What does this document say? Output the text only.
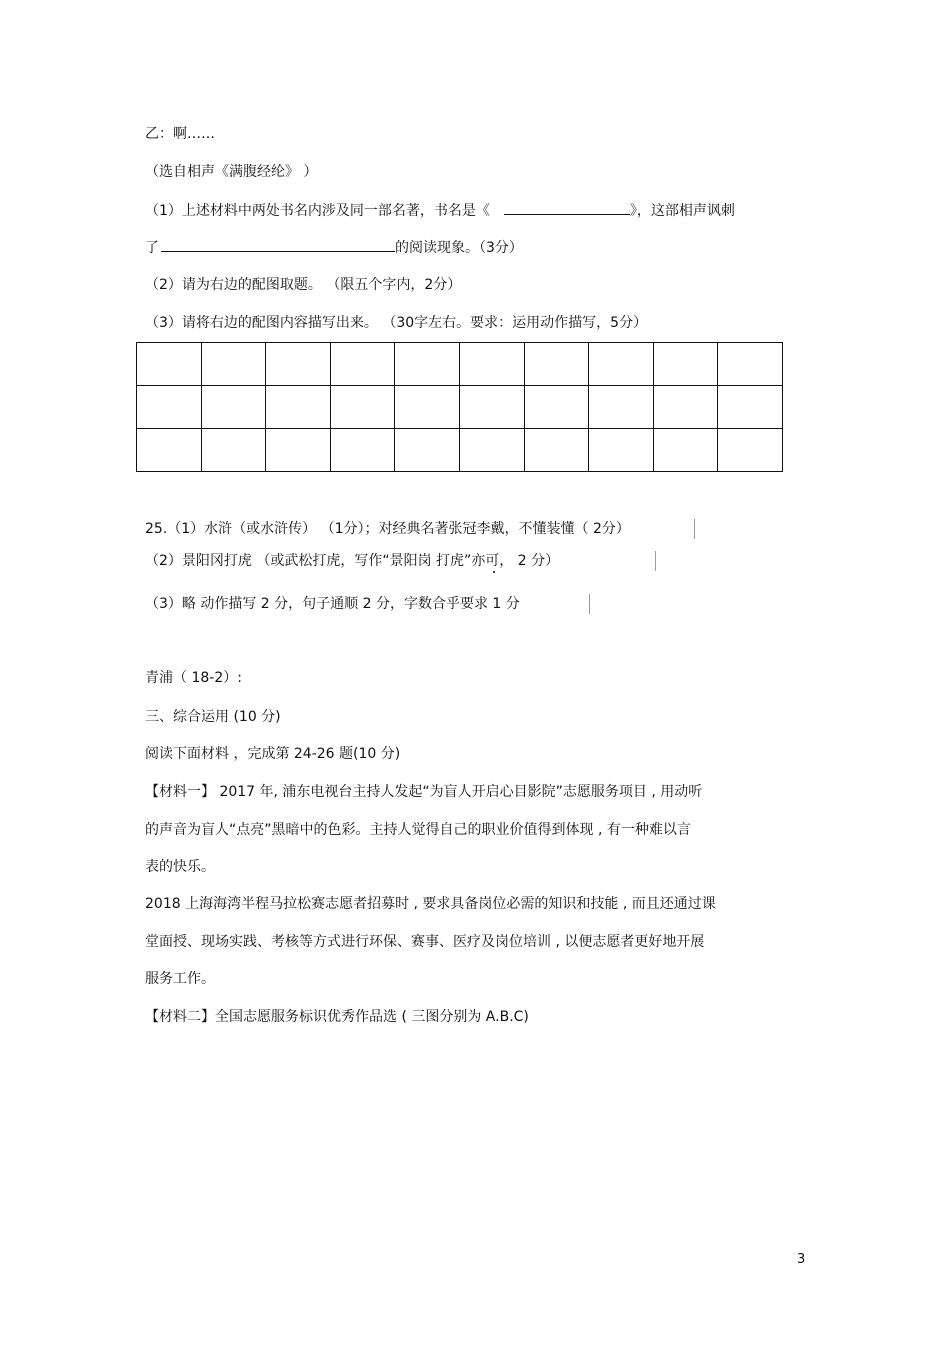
乙：啊……
（选自相声《满腹经纶》 ）
（1）上述材料中两处书名内涉及同一部名著，书名是《	》，这部相声讽刺
了	的阅读现象。（3分）
（2）请为右边的配图取题。 （限五个字内，2分）
（3）请将右边的配图内容描写出来。 （30字左右。要求：运用动作描写，5分）
25.（1）水浒（或水浒传） （1分）；对经典名著张冠李戴，不懂装懂（ 2分）
（2）景阳冈打虎 （或武松打虎，写作“景阳岗 打虎”亦可， 2 分）
（3）略 动作描写 2 分，句子通顺 2 分，字数合乎要求 1 分
青浦（ 18-2）:
三、综合运用 (10 分)
阅读下面材料 ，完成第 24-26 题(10 分)
【材料一】 2017 年, 浦东电视台主持人发起“为盲人开启心目影院”志愿服务项目 , 用动听
的声音为盲人“点亮”黑暗中的色彩。主持人觉得自己的职业价值得到体现 , 有一种难以言
表的快乐。
2018 上海海湾半程马拉松赛志愿者招募时 , 要求具备岗位必需的知识和技能 , 而且还通过课
堂面授、现场实践、考核等方式进行环保、赛事、医疗及岗位培训 , 以便志愿者更好地开展
服务工作。
【材料二】全国志愿服务标识优秀作品选 ( 三图分别为 A.B.C)
3
